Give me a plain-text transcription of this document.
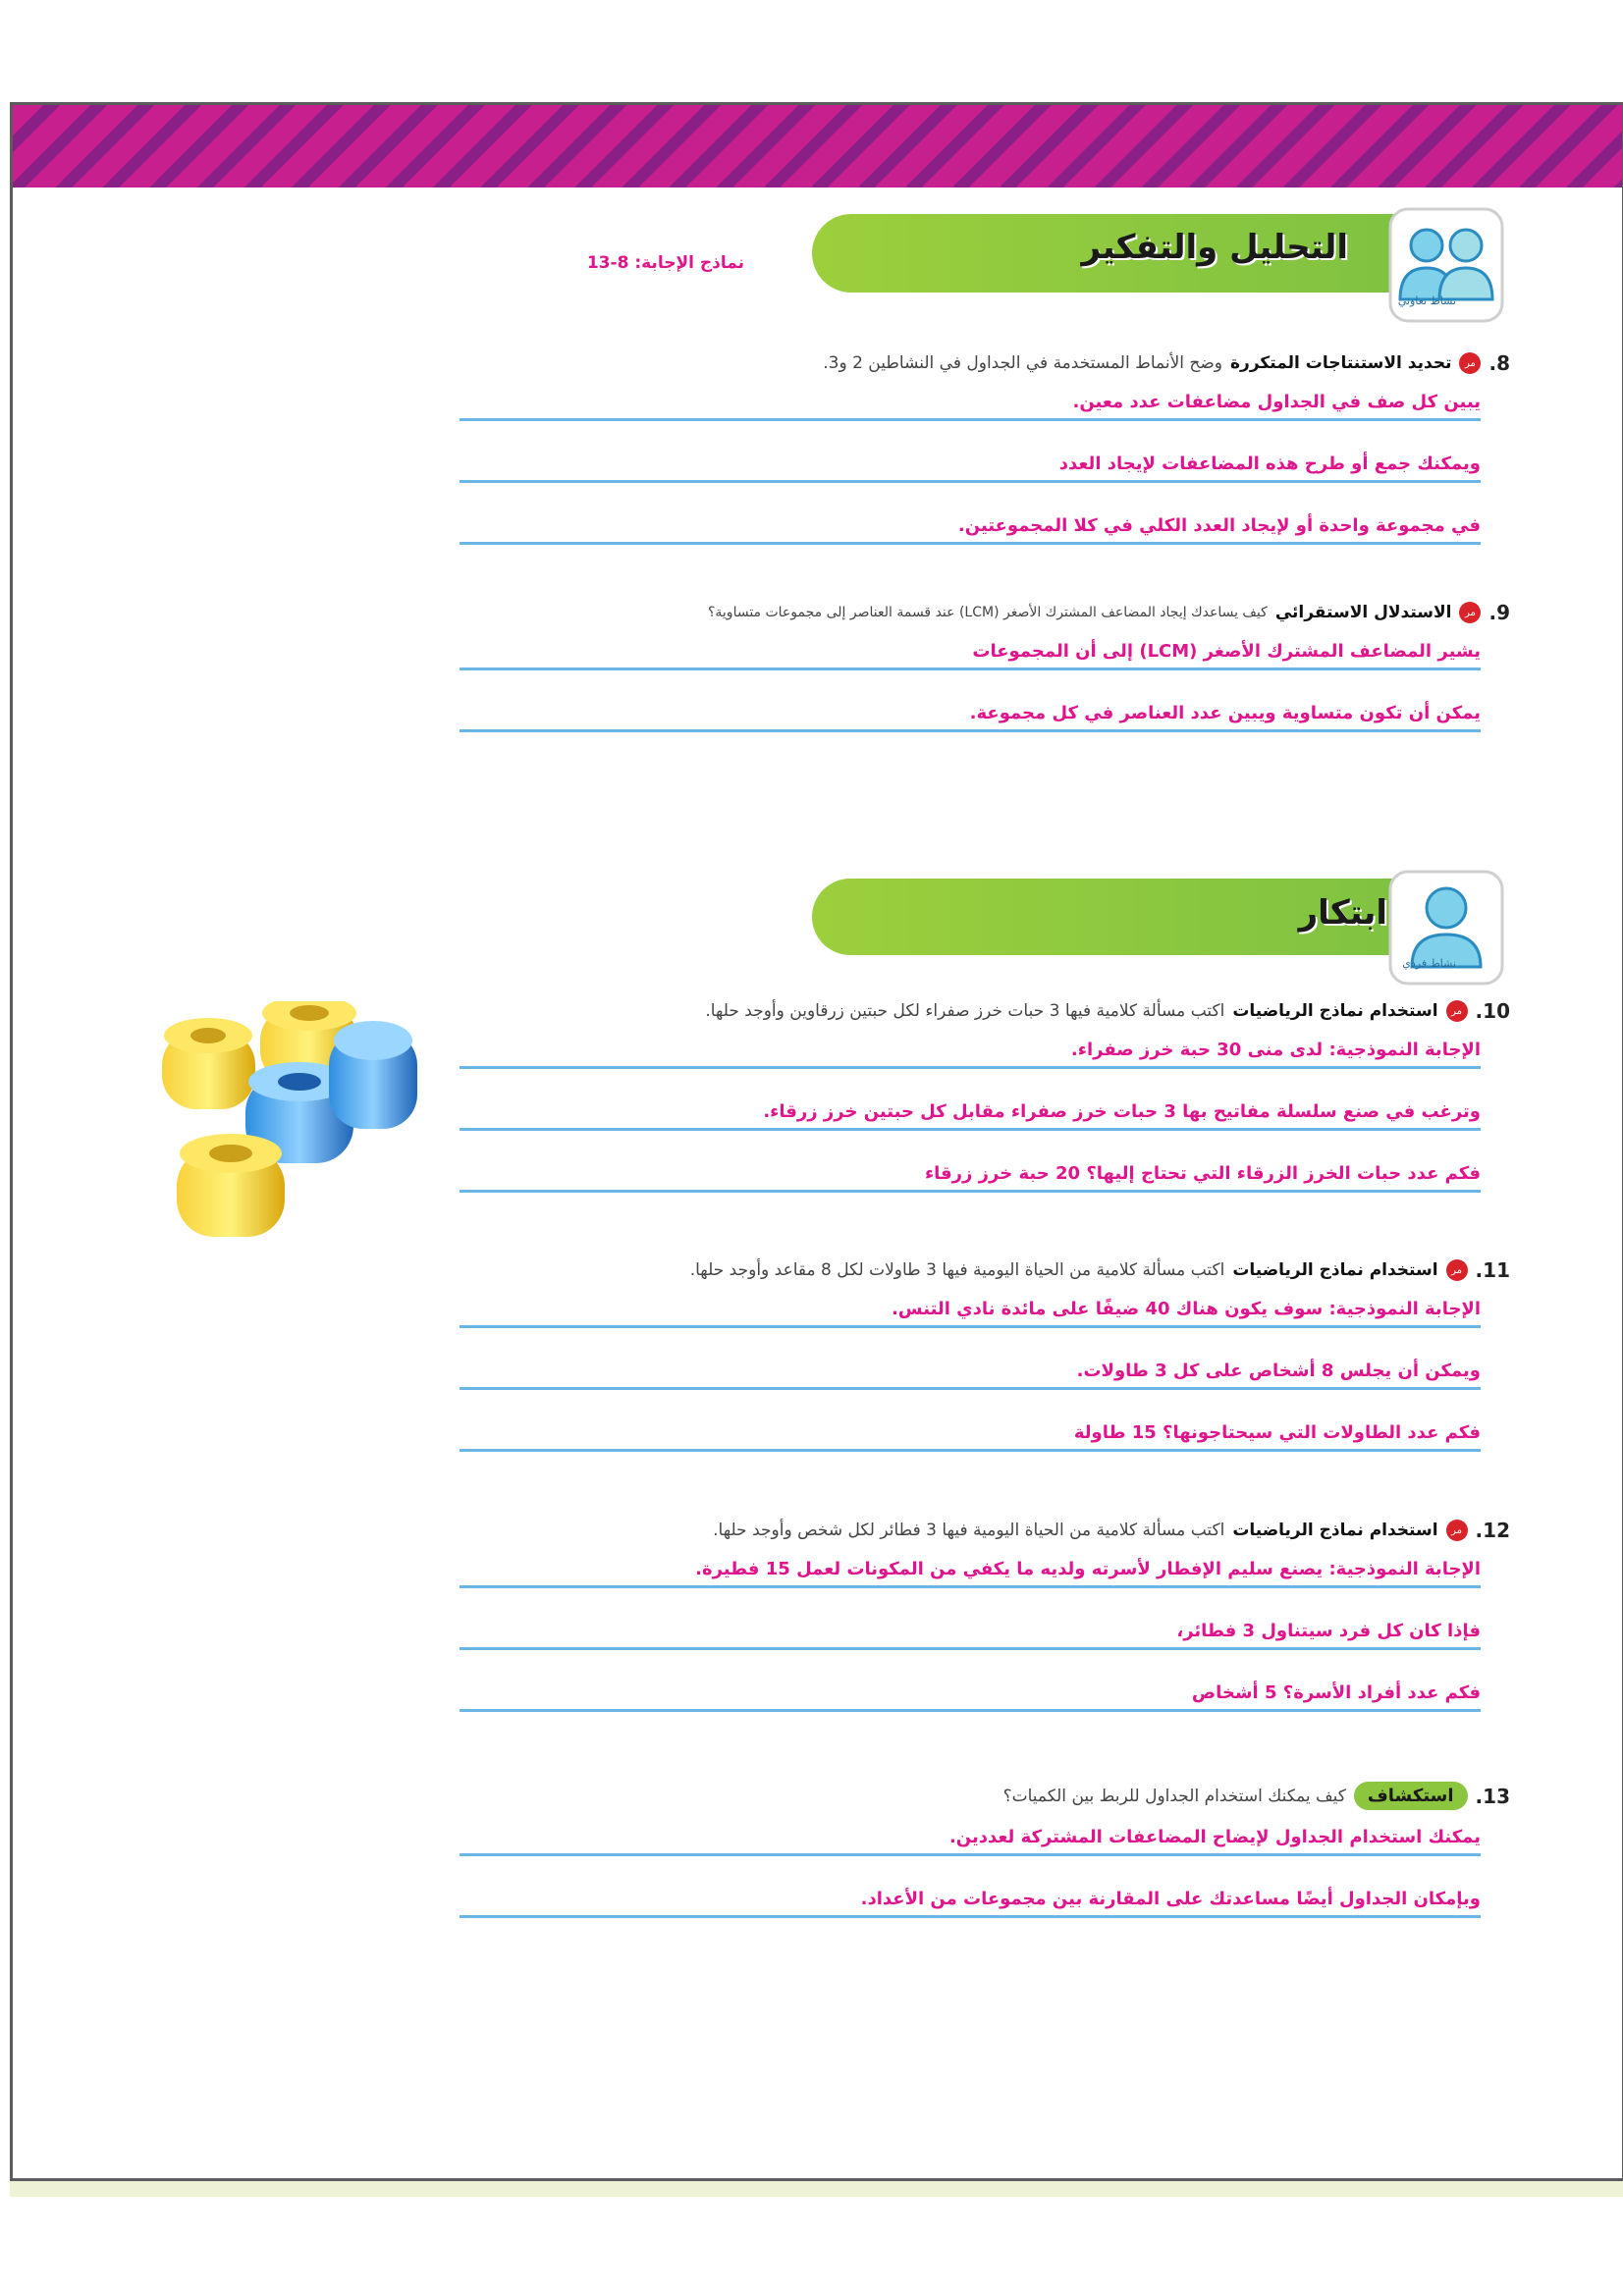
التحليل والتفكير
نماذج الإجابة: 8-13
نشاط تعاوني
ابتكار
نشاط فردي
8.
مر
تحديد الاستنتاجات المتكررة
وضح الأنماط المستخدمة في الجداول في النشاطين 2 و3.
يبين كل صف في الجداول مضاعفات عدد معين.
ويمكنك جمع أو طرح هذه المضاعفات لإيجاد العدد
في مجموعة واحدة أو لإيجاد العدد الكلي في كلا المجموعتين.
9.
مر
الاستدلال الاستقرائي
كيف يساعدك إيجاد المضاعف المشترك الأصغر (LCM) عند قسمة العناصر إلى مجموعات متساوية؟
يشير المضاعف المشترك الأصغر (LCM) إلى أن المجموعات
يمكن أن تكون متساوية ويبين عدد العناصر في كل مجموعة.
10.
مر
استخدام نماذج الرياضيات
اكتب مسألة كلامية فيها 3 حبات خرز صفراء لكل حبتين زرقاوين وأوجد حلها.
الإجابة النموذجية: لدى منى 30 حبة خرز صفراء.
وترغب في صنع سلسلة مفاتيح بها 3 حبات خرز صفراء مقابل كل حبتين خرز زرقاء.
فكم عدد حبات الخرز الزرقاء التي تحتاج إليها؟ 20 حبة خرز زرقاء
11.
مر
استخدام نماذج الرياضيات
اكتب مسألة كلامية من الحياة اليومية فيها 3 طاولات لكل 8 مقاعد وأوجد حلها.
الإجابة النموذجية: سوف يكون هناك 40 ضيفًا على مائدة نادي التنس.
ويمكن أن يجلس 8 أشخاص على كل 3 طاولات.
فكم عدد الطاولات التي سيحتاجونها؟ 15 طاولة
12.
مر
استخدام نماذج الرياضيات
اكتب مسألة كلامية من الحياة اليومية فيها 3 فطائر لكل شخص وأوجد حلها.
الإجابة النموذجية: يصنع سليم الإفطار لأسرته ولديه ما يكفي من المكونات لعمل 15 فطيرة.
فإذا كان كل فرد سيتناول 3 فطائر،
فكم عدد أفراد الأسرة؟ 5 أشخاص
13.
استكشاف
كيف يمكنك استخدام الجداول للربط بين الكميات؟
يمكنك استخدام الجداول لإيضاح المضاعفات المشتركة لعددين.
وبإمكان الجداول أيضًا مساعدتك على المقارنة بين مجموعات من الأعداد.
